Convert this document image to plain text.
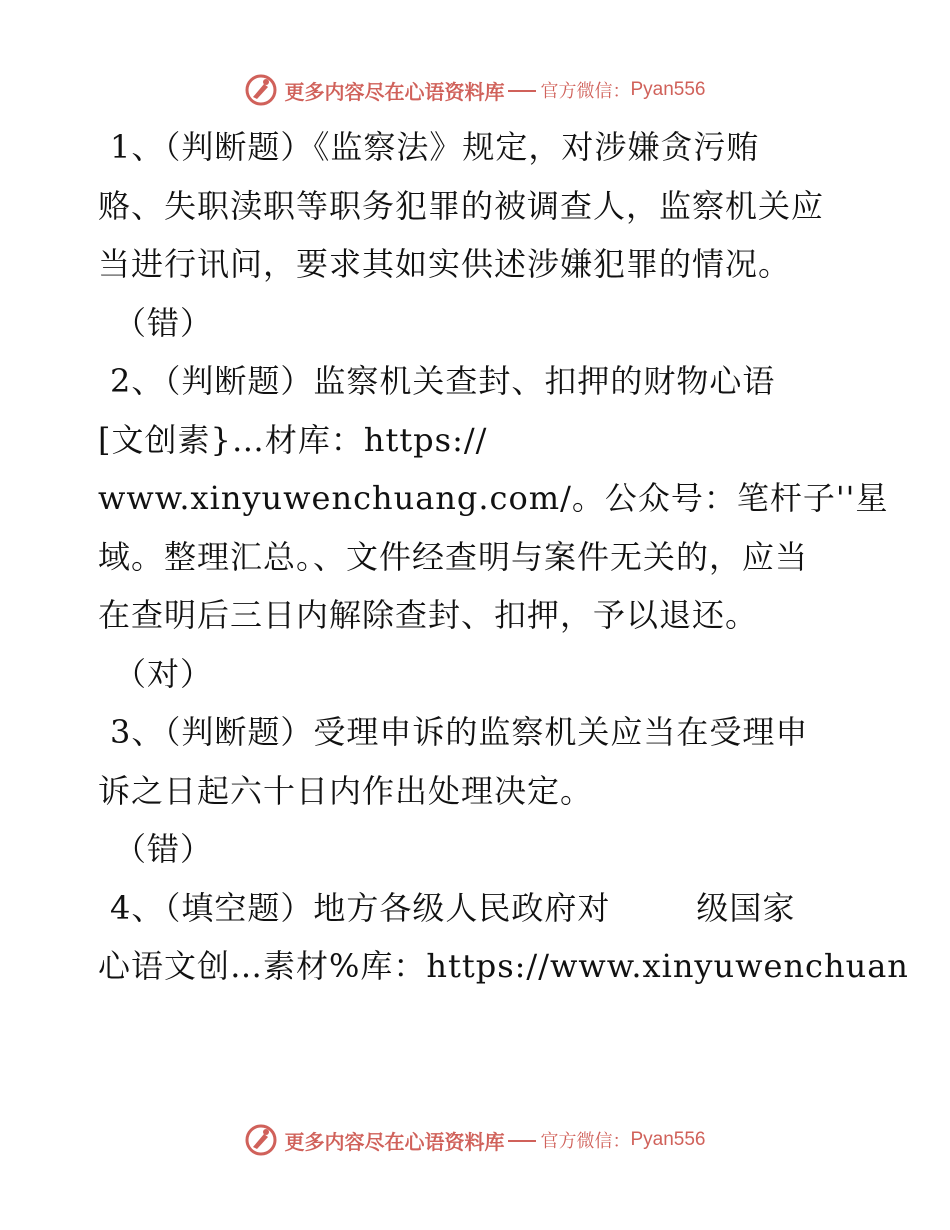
更多内容尽在心语资料库 官方微信： Pyan556
1、（判断题）《监察法》规定，对涉嫌贪污贿
赂、失职渎职等职务犯罪的被调查人，监察机关应
当进行讯问，要求其如实供述涉嫌犯罪的情况。
（错）
2、（判断题）监察机关查封、扣押的财物心语
[文创素}…材库：https://
www.xinyuwenchuang.com/。公众号：笔杆子''星
域。整理汇总。、文件经查明与案件无关的，应当
在查明后三日内解除查封、扣押，予以退还。
（对）
3、（判断题）受理申诉的监察机关应当在受理申
诉之日起六十日内作出处理决定。
（错）
4、（填空题）地方各级人民政府对	级国家
心语文创…素材%库：https://www.xinyuwenchuan
更多内容尽在心语资料库 官方微信： Pyan556
